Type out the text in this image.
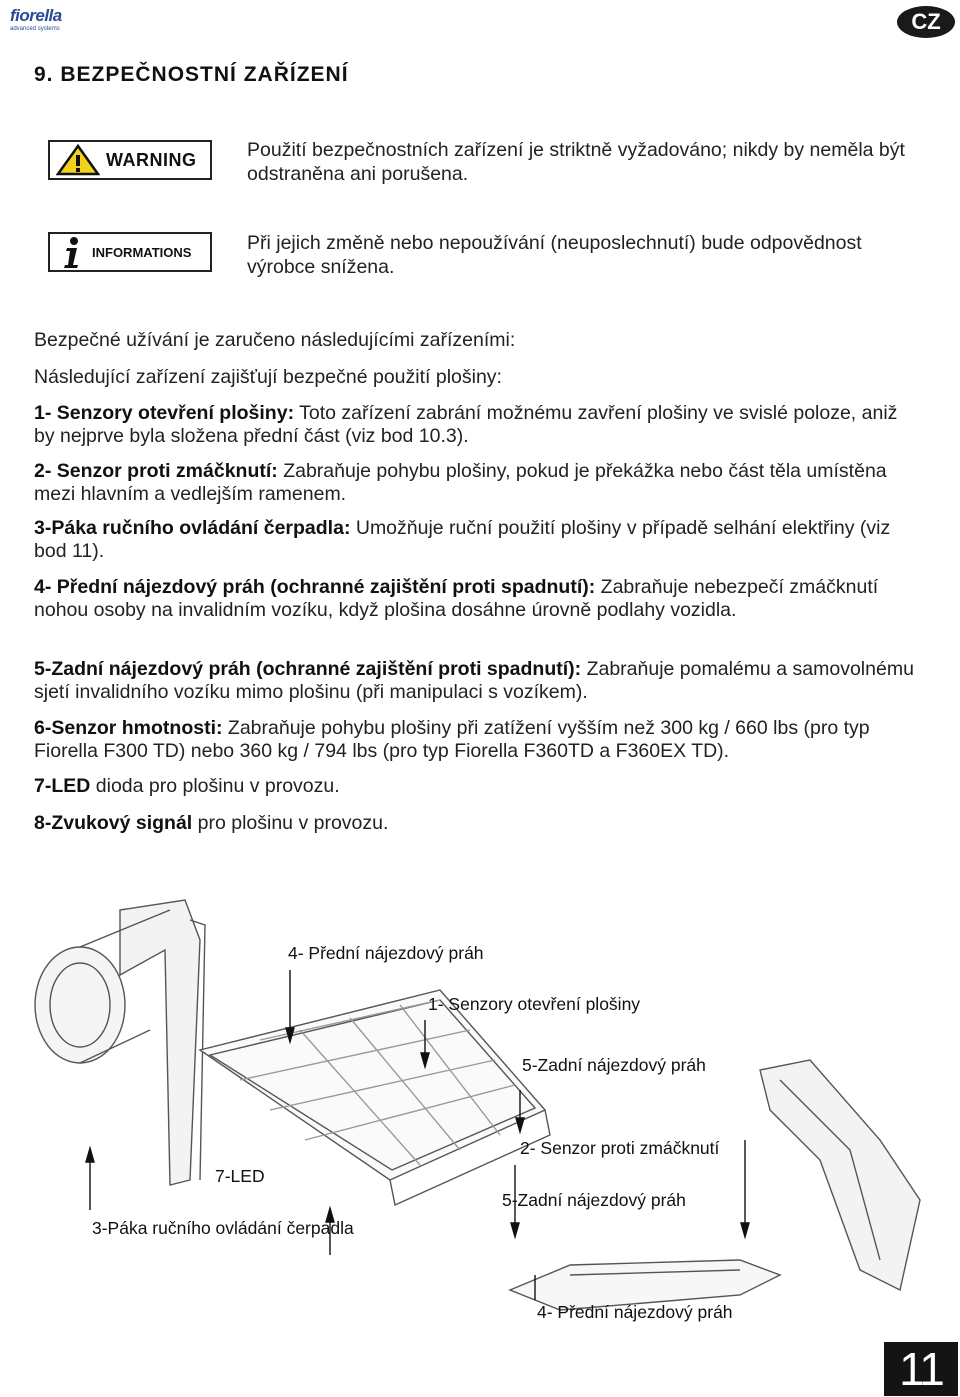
fiorella
advanced systems	CZ
9. BEZPEČNOSTNÍ ZAŘÍZENÍ
WARNING	Použití bezpečnostních zařízení je striktně vyžadováno; nikdy by neměla být odstraněna ani porušena.
INFORMATIONS	Při jejich změně nebo nepoužívání (neuposlechnutí) bude odpovědnost výrobce snížena.
Bezpečné užívání je zaručeno následujícími zařízeními:
Následující zařízení zajišťují bezpečné použití plošiny:
1- Senzory otevření plošiny: Toto zařízení zabrání možnému zavření plošiny ve svislé poloze, aniž by nejprve byla složena přední část (viz bod 10.3).
2- Senzor proti zmáčknutí: Zabraňuje pohybu plošiny, pokud je překážka nebo část těla umístěna mezi hlavním a vedlejším ramenem.
3-Páka ručního ovládání čerpadla: Umožňuje ruční použití plošiny v případě selhání elektřiny (viz bod 11).
4- Přední nájezdový práh (ochranné zajištění proti spadnutí): Zabraňuje nebezpečí zmáčknutí nohou osoby na invalidním vozíku, když plošina dosáhne úrovně podlahy vozidla.
5-Zadní nájezdový práh (ochranné zajištění proti spadnutí): Zabraňuje pomalému a samovolnému sjetí invalidního vozíku mimo plošinu (při manipulaci s vozíkem).
6-Senzor hmotnosti: Zabraňuje pohybu plošiny při zatížení vyšším než 300 kg / 660 lbs (pro typ Fiorella F300 TD) nebo 360 kg / 794 lbs (pro typ Fiorella F360TD a F360EX TD).
7-LED dioda pro plošinu v provozu.
8-Zvukový signál pro plošinu v provozu.
4- Přední nájezdový práh
1- Senzory otevření plošiny
5-Zadní nájezdový práh
2- Senzor proti zmáčknutí
7-LED
5-Zadní nájezdový práh
3-Páka ručního ovládání čerpadla
4- Přední nájezdový práh
11
